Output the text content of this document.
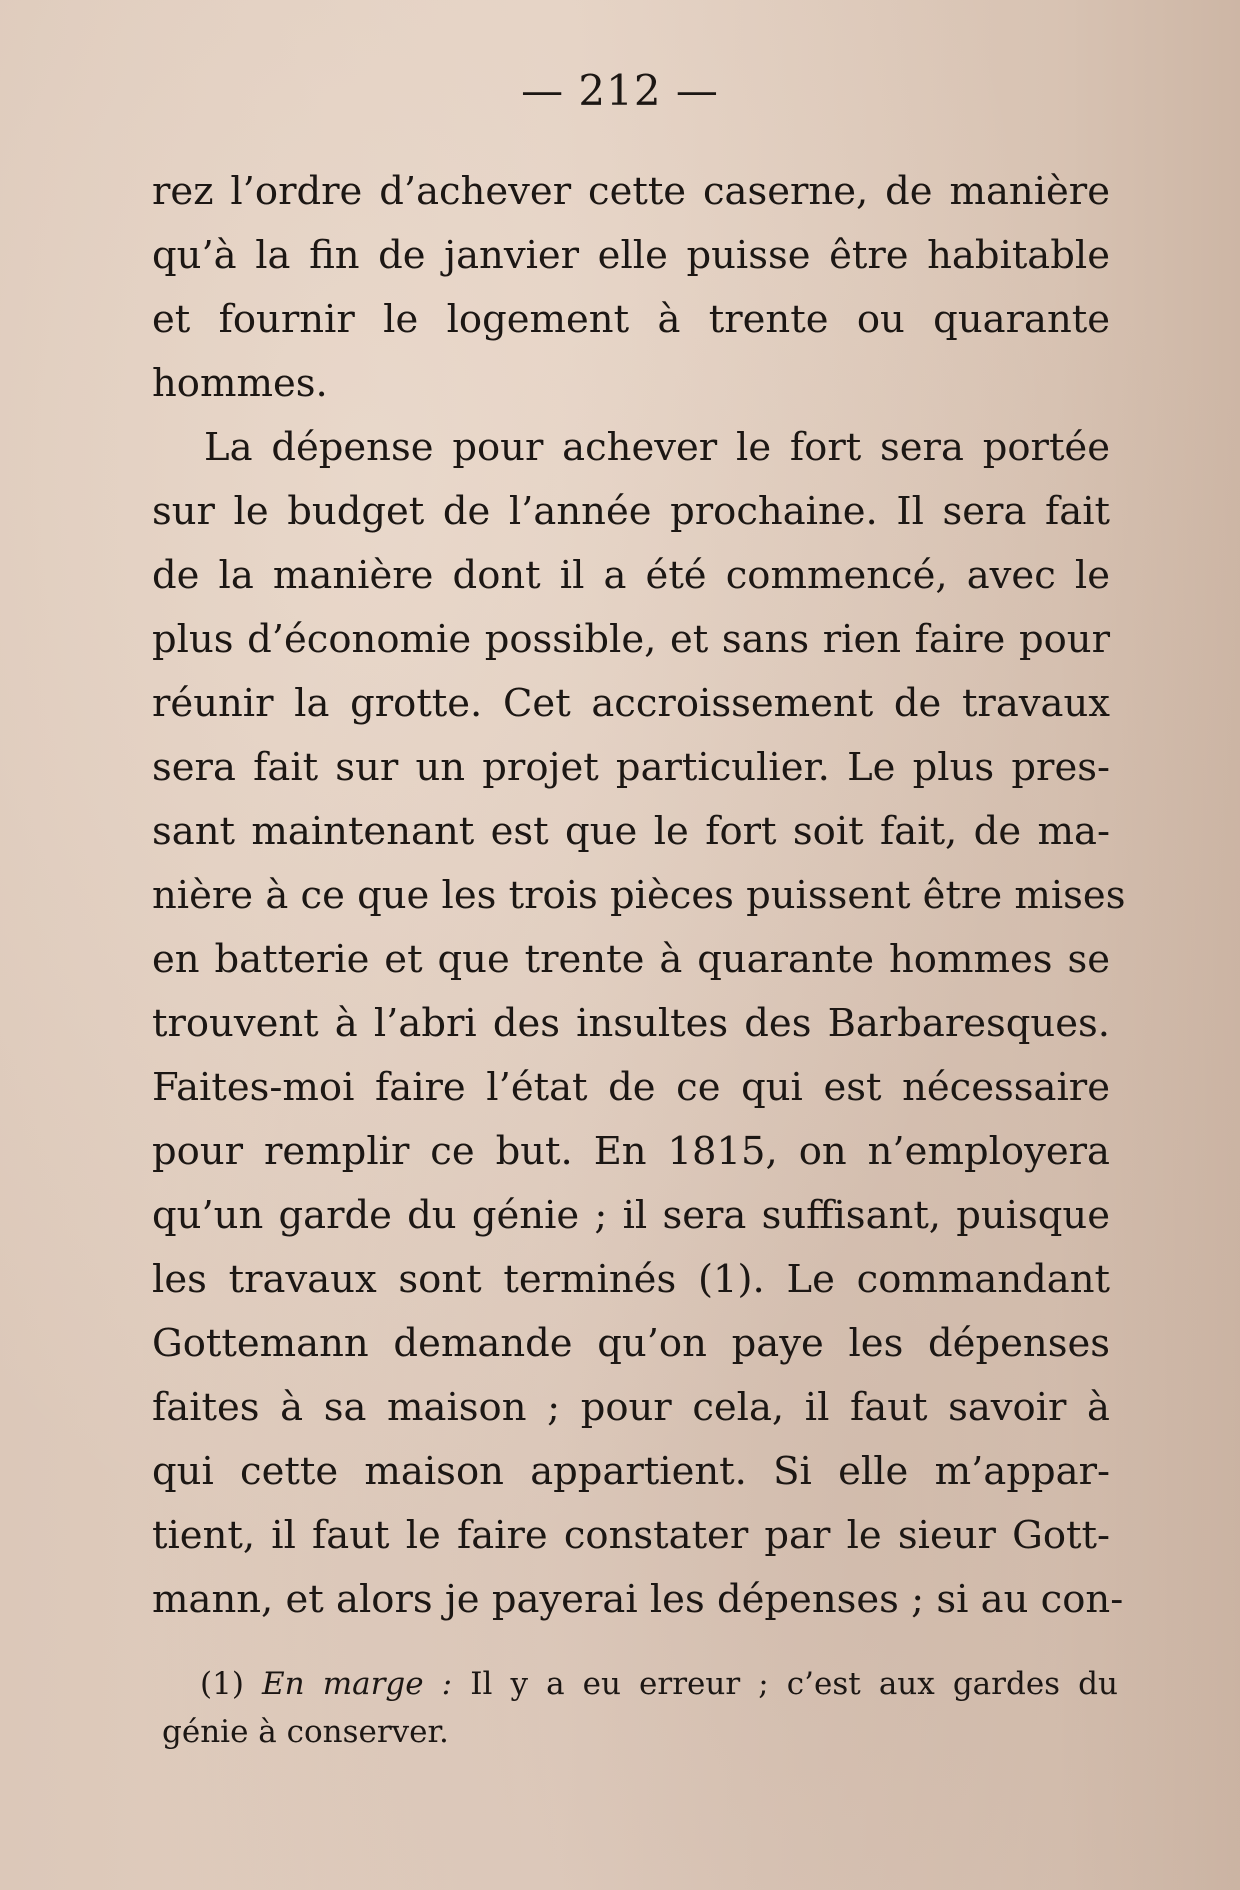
— 212 —
rez l’ordre d’achever cette caserne, de manière
qu’à la fin de janvier elle puisse être habitable
et fournir le logement à trente ou quarante
hommes.
La dépense pour achever le fort sera portée
sur le budget de l’année prochaine. Il sera fait
de la manière dont il a été commencé, avec le
plus d’économie possible, et sans rien faire pour
réunir la grotte. Cet accroissement de travaux
sera fait sur un projet particulier. Le plus pres-
sant maintenant est que le fort soit fait, de ma-
nière à ce que les trois pièces puissent être mises
en batterie et que trente à quarante hommes se
trouvent à l’abri des insultes des Barbaresques.
Faites-moi faire l’état de ce qui est nécessaire
pour remplir ce but. En 1815, on n’employera
qu’un garde du génie ; il sera suffisant, puisque
les travaux sont terminés (1). Le commandant
Gottemann demande qu’on paye les dépenses
faites à sa maison ; pour cela, il faut savoir à
qui cette maison appartient. Si elle m’appar-
tient, il faut le faire constater par le sieur Gott-
mann, et alors je payerai les dépenses ; si au con-
(1) En marge : Il y a eu erreur ; c’est aux gardes du
génie à conserver.
